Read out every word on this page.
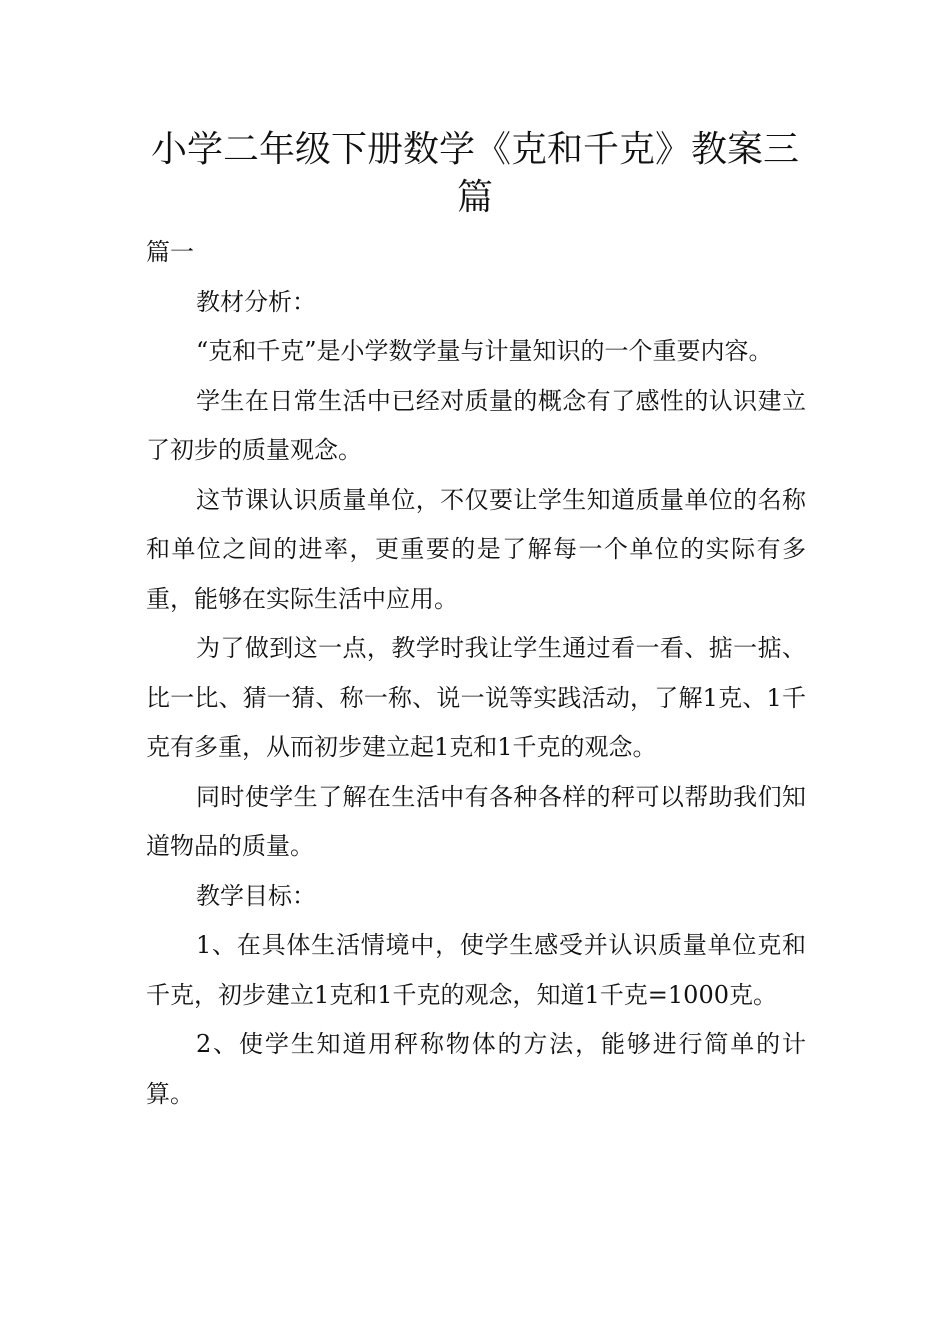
小学二年级下册数学《克和千克》教案三
篇

篇一

教材分析：

“克和千克”是小学数学量与计量知识的一个重要内容。

学生在日常生活中已经对质量的概念有了感性的认识建立了初步的质量观念。

这节课认识质量单位，不仅要让学生知道质量单位的名称和单位之间的进率，更重要的是了解每一个单位的实际有多重，能够在实际生活中应用。

为了做到这一点，教学时我让学生通过看一看、掂一掂、比一比、猜一猜、称一称、说一说等实践活动，了解1克、1千克有多重，从而初步建立起1克和1千克的观念。

同时使学生了解在生活中有各种各样的秤可以帮助我们知道物品的质量。

教学目标：

1、在具体生活情境中，使学生感受并认识质量单位克和千克，初步建立1克和1千克的观念，知道1千克=1000克。

2、使学生知道用秤称物体的方法，能够进行简单的计算。
